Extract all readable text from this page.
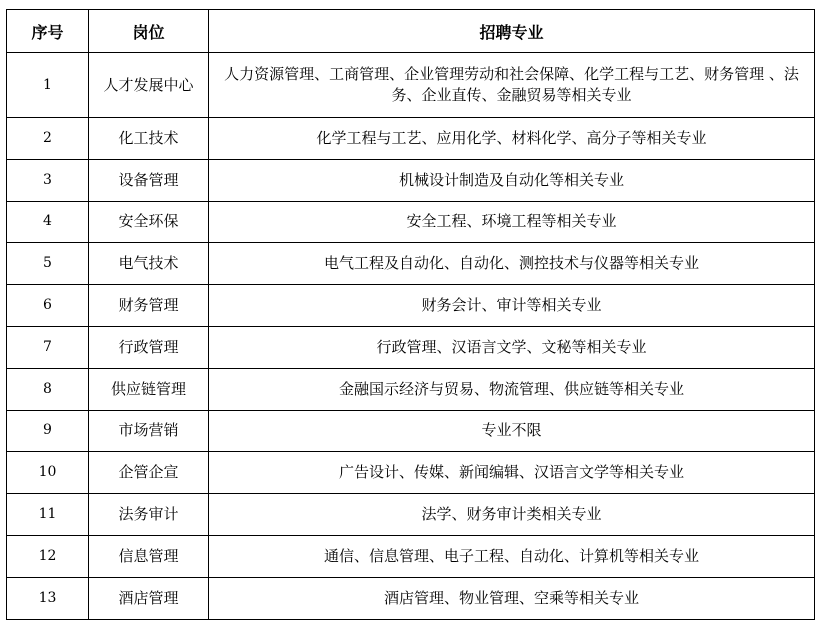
序号	岗位	招聘专业
1	人才发展中心	人力资源管理、工商管理、企业管理劳动和社会保障、化学工程与工艺、财务管理 、法务、企业直传、金融贸易等相关专业
2	化工技术	化学工程与工艺、应用化学、材料化学、高分子等相关专业
3	设备管理	机械设计制造及自动化等相关专业
4	安全环保	安全工程、环境工程等相关专业
5	电气技术	电气工程及自动化、自动化、测控技术与仪器等相关专业
6	财务管理	财务会计、审计等相关专业
7	行政管理	行政管理、汉语言文学、文秘等相关专业
8	供应链管理	金融国示经济与贸易、物流管理、供应链等相关专业
9	市场营销	专业不限
10	企管企宣	广告设计、传媒、新闻编辑、汉语言文学等相关专业
11	法务审计	法学、财务审计类相关专业
12	信息管理	通信、信息管理、电子工程、自动化、计算机等相关专业
13	酒店管理	酒店管理、物业管理、空乘等相关专业
